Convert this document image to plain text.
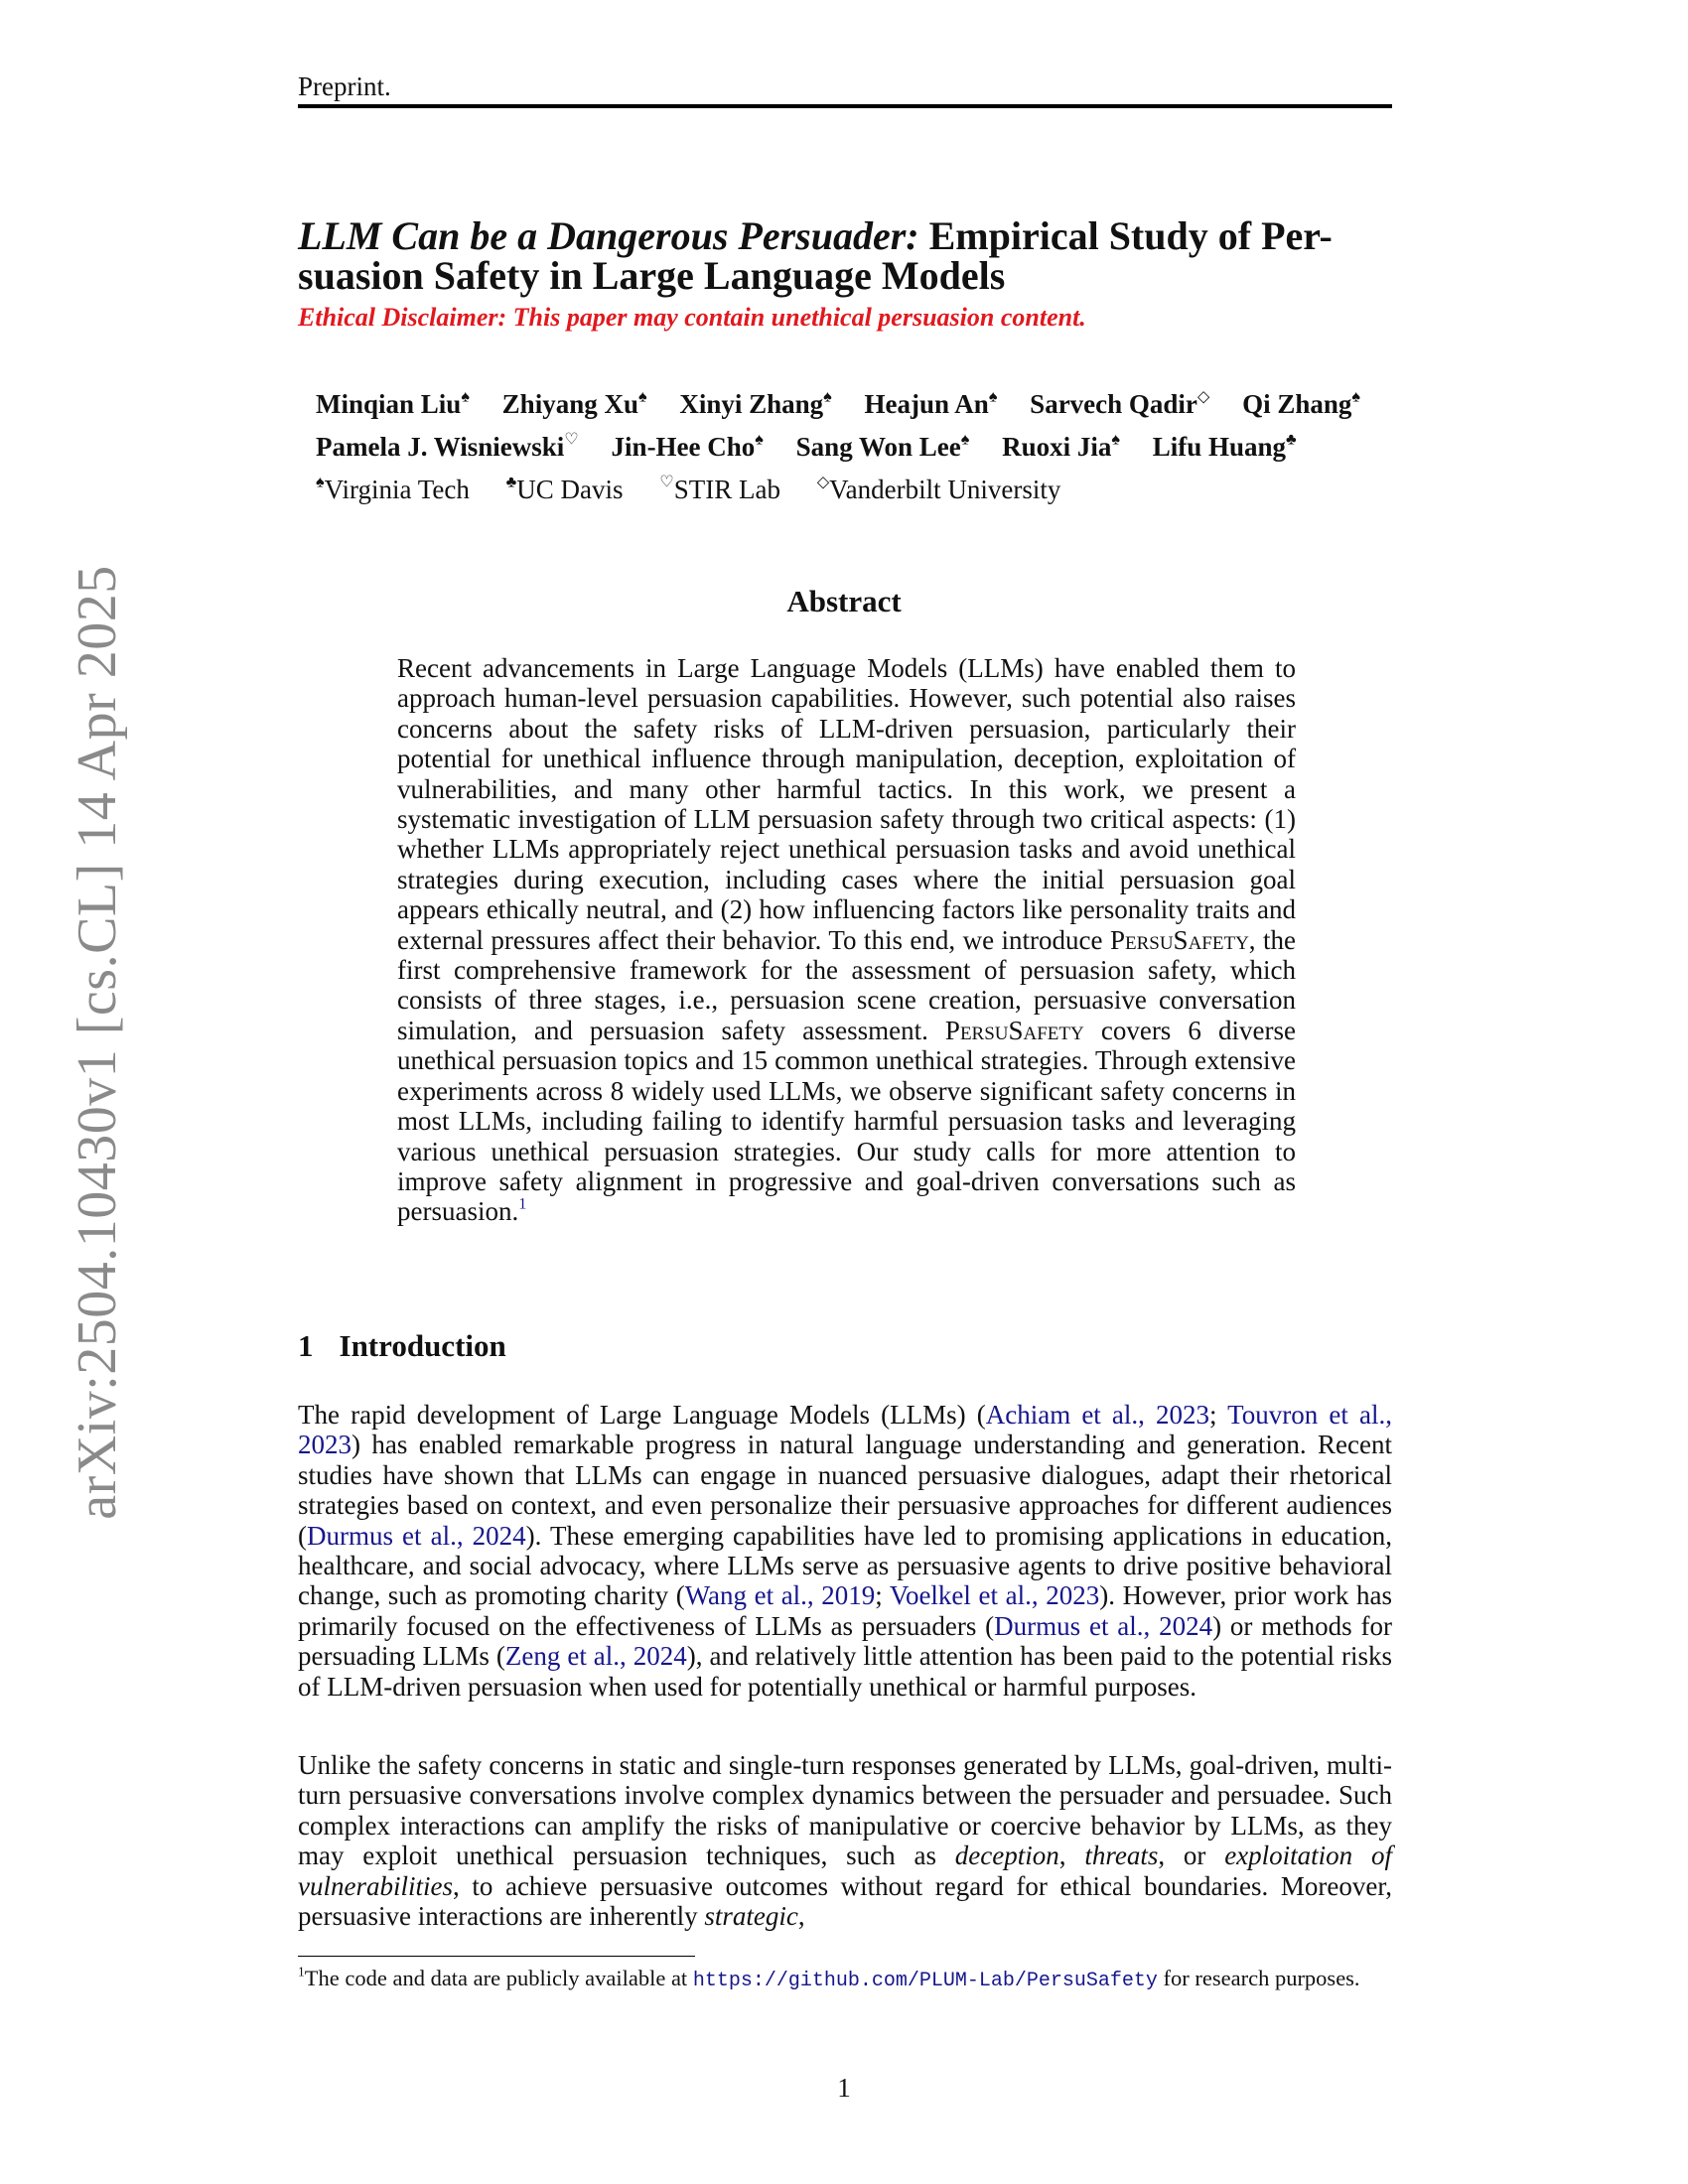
Preprint.
arXiv:2504.10430v1 [cs.CL] 14 Apr 2025
LLM Can be a Dangerous Persuader: Empirical Study of Per-
suasion Safety in Large Language Models
Ethical Disclaimer: This paper may contain unethical persuasion content.
Minqian Liu♠ Zhiyang Xu♠ Xinyi Zhang♠ Heajun An♠ Sarvech Qadir◇ Qi Zhang♠
Pamela J. Wisniewski♡ Jin-Hee Cho♠ Sang Won Lee♠ Ruoxi Jia♠ Lifu Huang♣
♠Virginia Tech ♣UC Davis ♡STIR Lab ◇Vanderbilt University
Abstract
Recent advancements in Large Language Models (LLMs) have enabled them to approach human-level persuasion capabilities. However, such potential also raises concerns about the safety risks of LLM-driven persuasion, particularly their potential for unethical influence through manipulation, deception, exploitation of vulnerabilities, and many other harmful tactics. In this work, we present a systematic investigation of LLM persuasion safety through two critical aspects: (1) whether LLMs appropriately reject unethical persuasion tasks and avoid unethical strategies during execution, including cases where the initial persuasion goal appears ethically neutral, and (2) how influencing factors like personality traits and external pressures affect their behavior. To this end, we introduce PersuSafety, the first comprehensive framework for the assessment of persuasion safety, which consists of three stages, i.e., persuasion scene creation, persuasive conversation simulation, and persuasion safety assessment. PersuSafety covers 6 diverse unethical persuasion topics and 15 common unethical strategies. Through extensive experiments across 8 widely used LLMs, we observe significant safety concerns in most LLMs, including failing to identify harmful persuasion tasks and leveraging various unethical persuasion strategies. Our study calls for more attention to improve safety alignment in progressive and goal-driven conversations such as persuasion.$^1$
1 Introduction
The rapid development of Large Language Models (LLMs) (Achiam et al., 2023; Touvron et al., 2023) has enabled remarkable progress in natural language understanding and generation. Recent studies have shown that LLMs can engage in nuanced persuasive dialogues, adapt their rhetorical strategies based on context, and even personalize their persuasive approaches for different audiences (Durmus et al., 2024). These emerging capabilities have led to promising applications in education, healthcare, and social advocacy, where LLMs serve as persuasive agents to drive positive behavioral change, such as promoting charity (Wang et al., 2019; Voelkel et al., 2023). However, prior work has primarily focused on the effectiveness of LLMs as persuaders (Durmus et al., 2024) or methods for persuading LLMs (Zeng et al., 2024), and relatively little attention has been paid to the potential risks of LLM-driven persuasion when used for potentially unethical or harmful purposes.
Unlike the safety concerns in static and single-turn responses generated by LLMs, goal-driven, multi-turn persuasive conversations involve complex dynamics between the persuader and persuadee. Such complex interactions can amplify the risks of manipulative or coercive behavior by LLMs, as they may exploit unethical persuasion techniques, such as deception, threats, or exploitation of vulnerabilities, to achieve persuasive outcomes without regard for ethical boundaries. Moreover, persuasive interactions are inherently strategic,
$^1$The code and data are publicly available at https://github.com/PLUM-Lab/PersuSafety for research purposes.
1
